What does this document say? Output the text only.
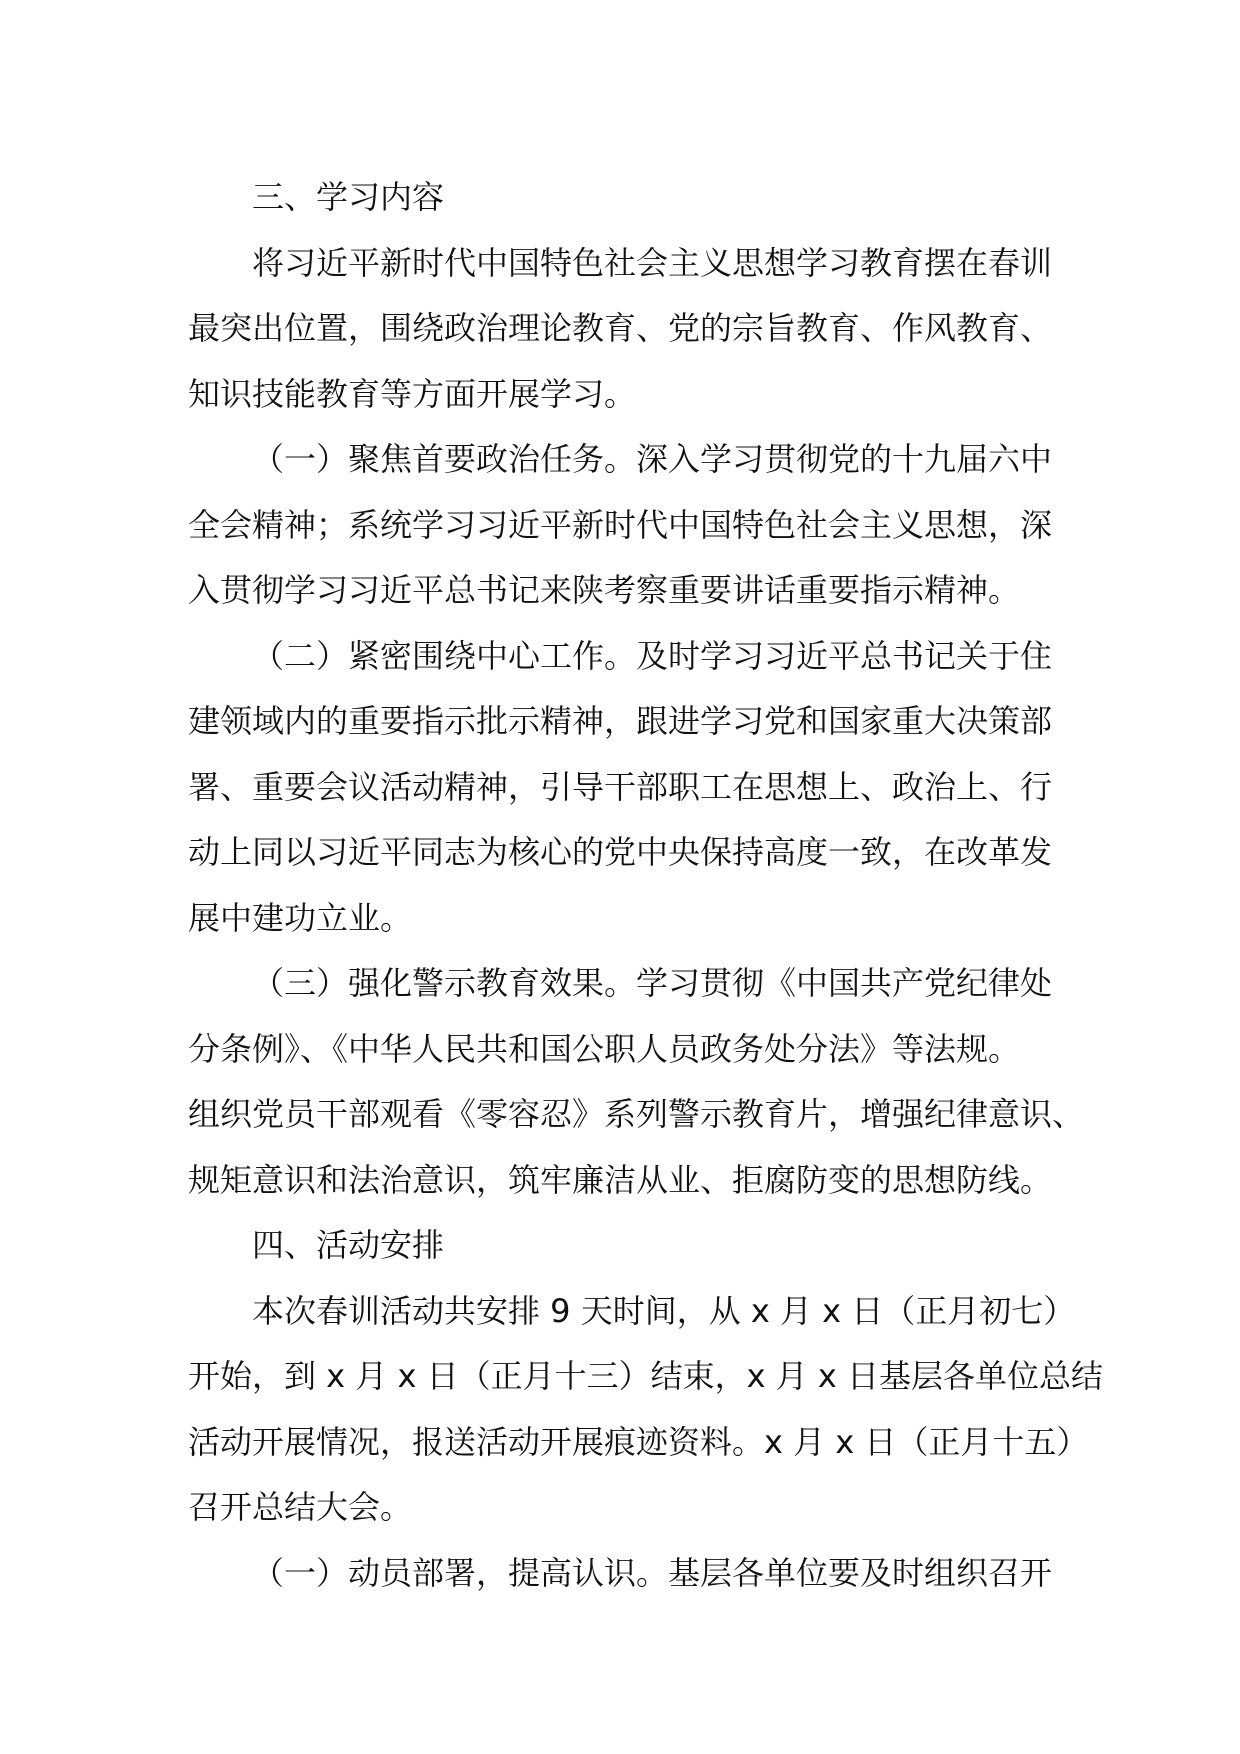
三、学习内容
将习近平新时代中国特色社会主义思想学习教育摆在春训
最突出位置，围绕政治理论教育、党的宗旨教育、作风教育、
知识技能教育等方面开展学习。
（一）聚焦首要政治任务。深入学习贯彻党的十九届六中
全会精神；系统学习习近平新时代中国特色社会主义思想，深
入贯彻学习习近平总书记来陕考察重要讲话重要指示精神。
（二）紧密围绕中心工作。及时学习习近平总书记关于住
建领域内的重要指示批示精神，跟进学习党和国家重大决策部
署、重要会议活动精神，引导干部职工在思想上、政治上、行
动上同以习近平同志为核心的党中央保持高度一致，在改革发
展中建功立业。
（三）强化警示教育效果。学习贯彻《中国共产党纪律处
分条例》、《中华人民共和国公职人员政务处分法》等法规。
组织党员干部观看《零容忍》系列警示教育片，增强纪律意识、
规矩意识和法治意识，筑牢廉洁从业、拒腐防变的思想防线。
四、活动安排
本次春训活动共安排 9 天时间，从 x 月 x 日（正月初七）
开始，到 x 月 x 日（正月十三）结束，x 月 x 日基层各单位总结
活动开展情况，报送活动开展痕迹资料。x 月 x 日（正月十五）
召开总结大会。
（一）动员部署，提高认识。基层各单位要及时组织召开
